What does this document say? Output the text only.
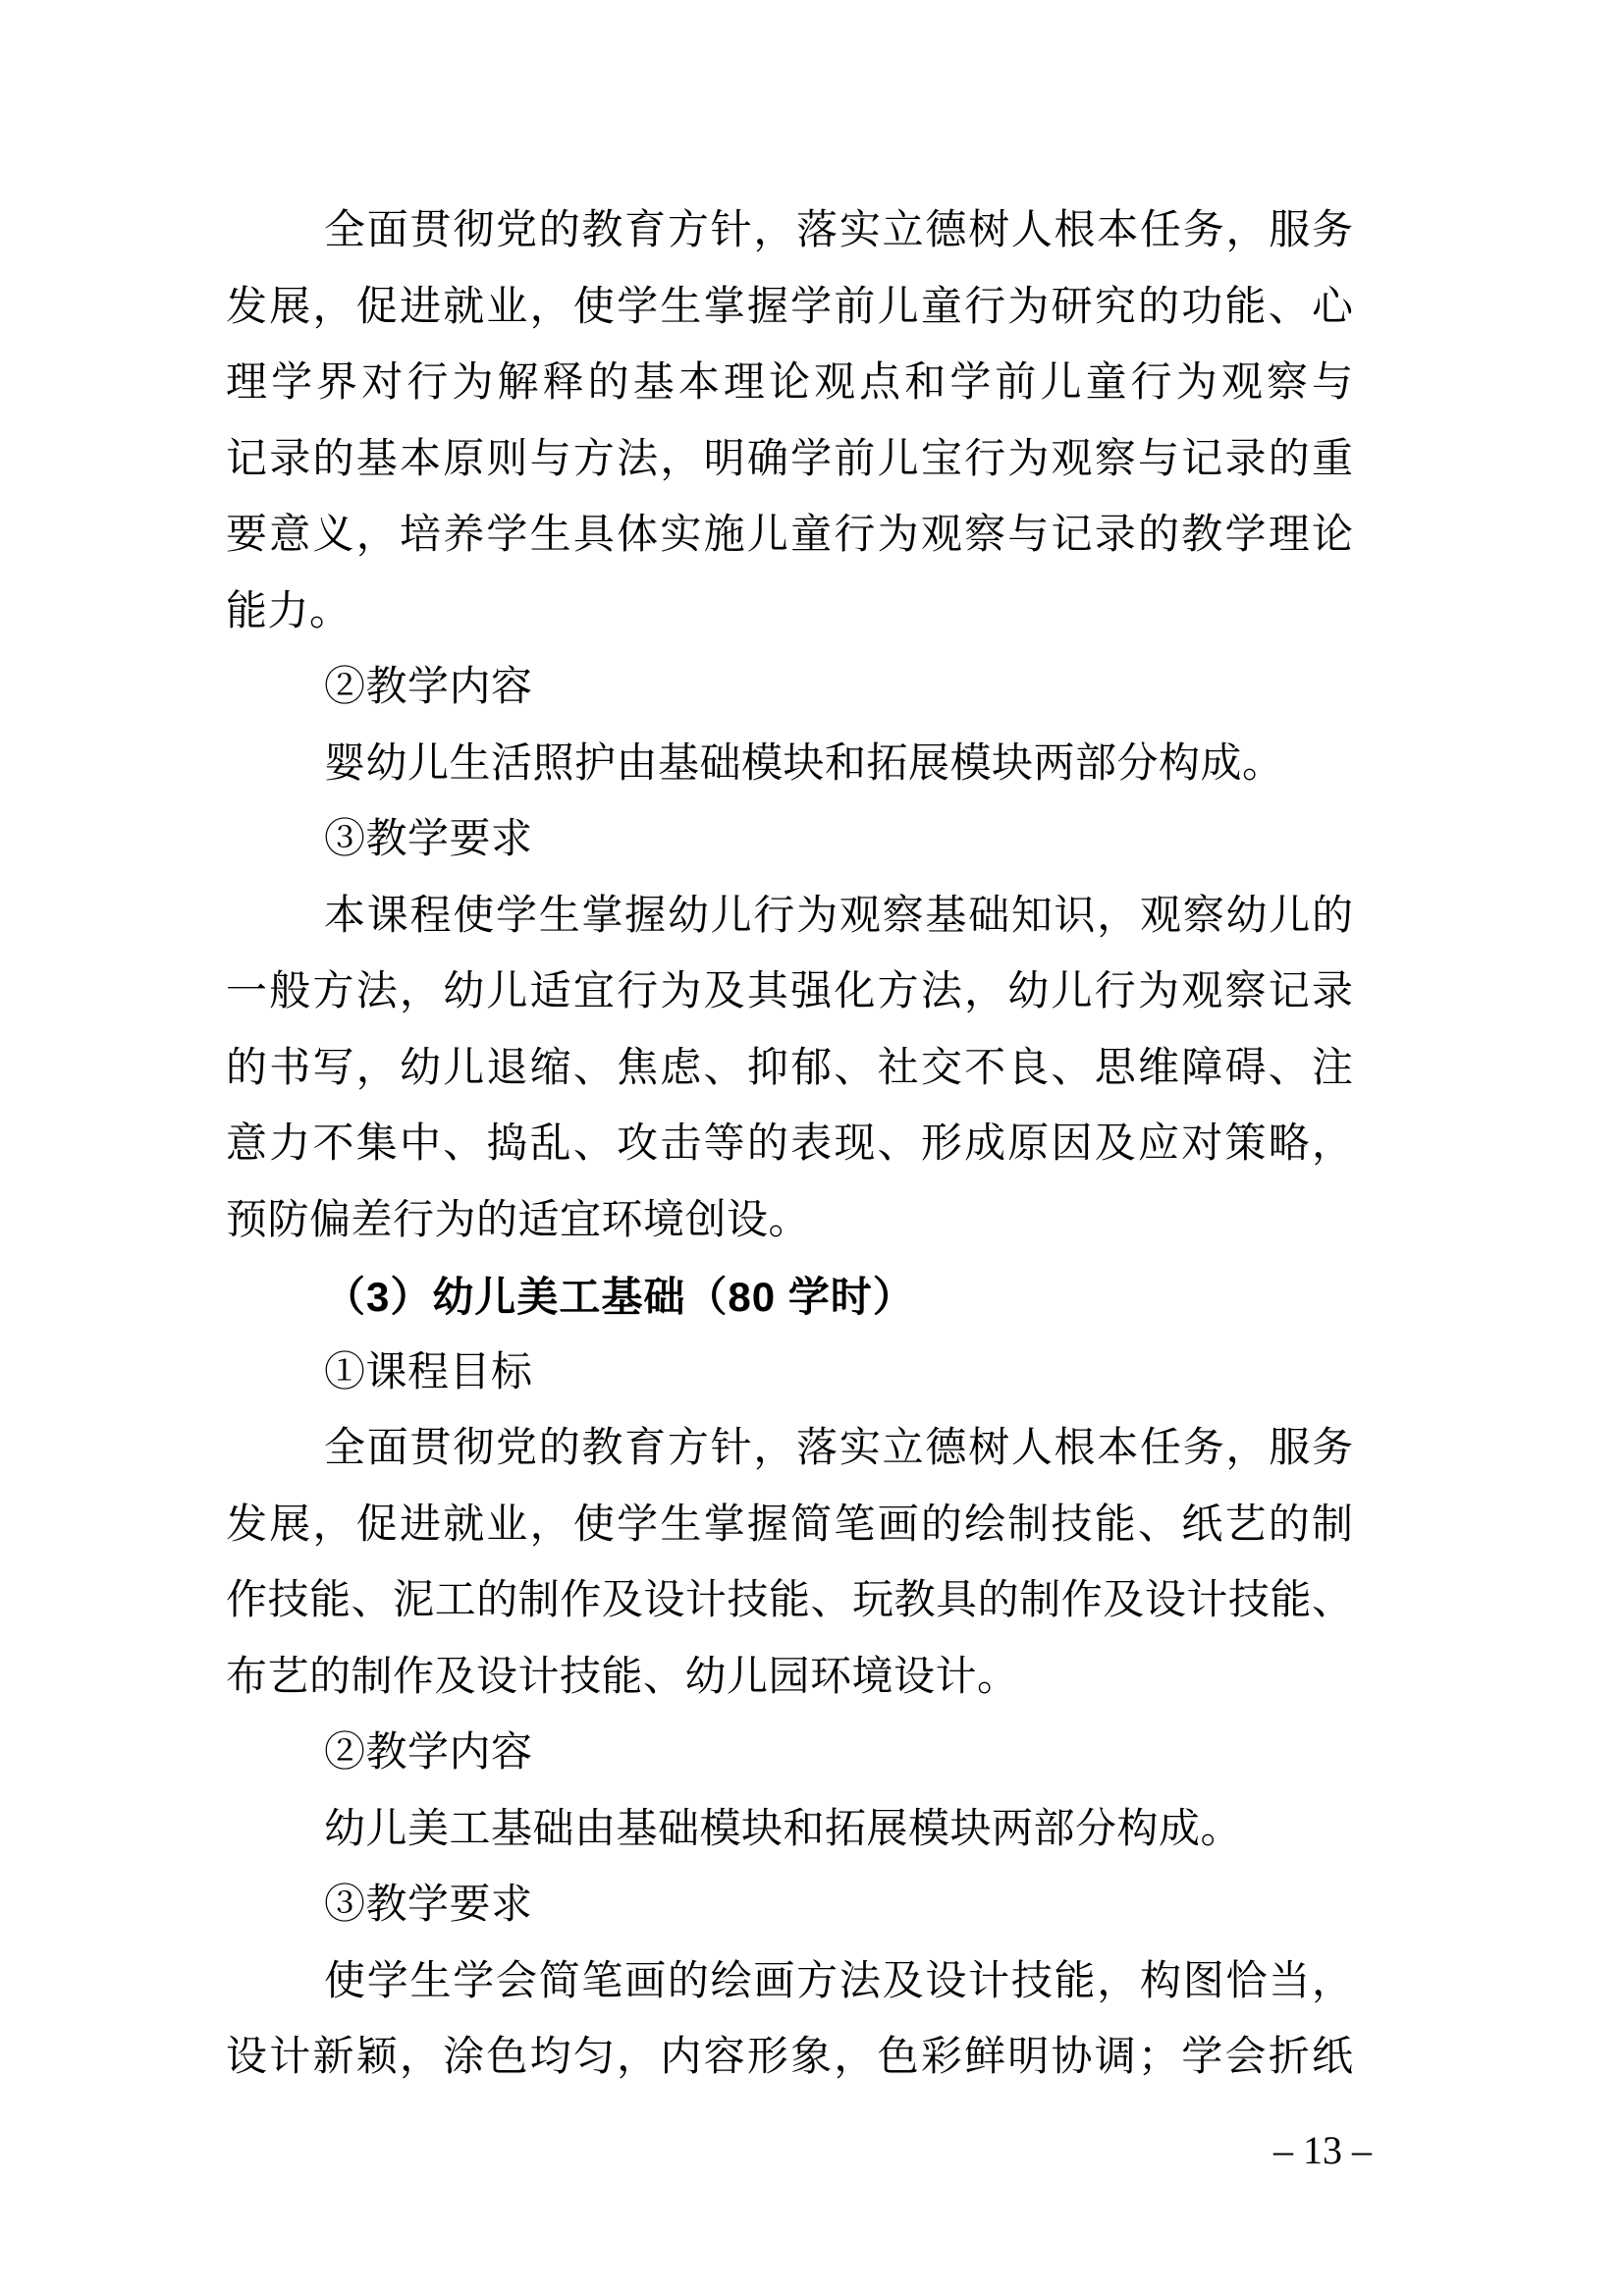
全面贯彻党的教育方针，落实立德树人根本任务，服务
发展，促进就业，使学生掌握学前儿童行为研究的功能、心
理学界对行为解释的基本理论观点和学前儿童行为观察与
记录的基本原则与方法，明确学前儿宝行为观察与记录的重
要意义，培养学生具体实施儿童行为观察与记录的教学理论
能力。
②教学内容
婴幼儿生活照护由基础模块和拓展模块两部分构成。
③教学要求
本课程使学生掌握幼儿行为观察基础知识，观察幼儿的
一般方法，幼儿适宜行为及其强化方法，幼儿行为观察记录
的书写，幼儿退缩、焦虑、抑郁、社交不良、思维障碍、注
意力不集中、捣乱、攻击等的表现、形成原因及应对策略，
预防偏差行为的适宜环境创设。
（3）幼儿美工基础（80 学时）
①课程目标
全面贯彻党的教育方针，落实立德树人根本任务，服务
发展，促进就业，使学生掌握简笔画的绘制技能、纸艺的制
作技能、泥工的制作及设计技能、玩教具的制作及设计技能、
布艺的制作及设计技能、幼儿园环境设计。
②教学内容
幼儿美工基础由基础模块和拓展模块两部分构成。
③教学要求
使学生学会简笔画的绘画方法及设计技能，构图恰当，
设计新颖，涂色均匀，内容形象，色彩鲜明协调；学会折纸
– 13 –
